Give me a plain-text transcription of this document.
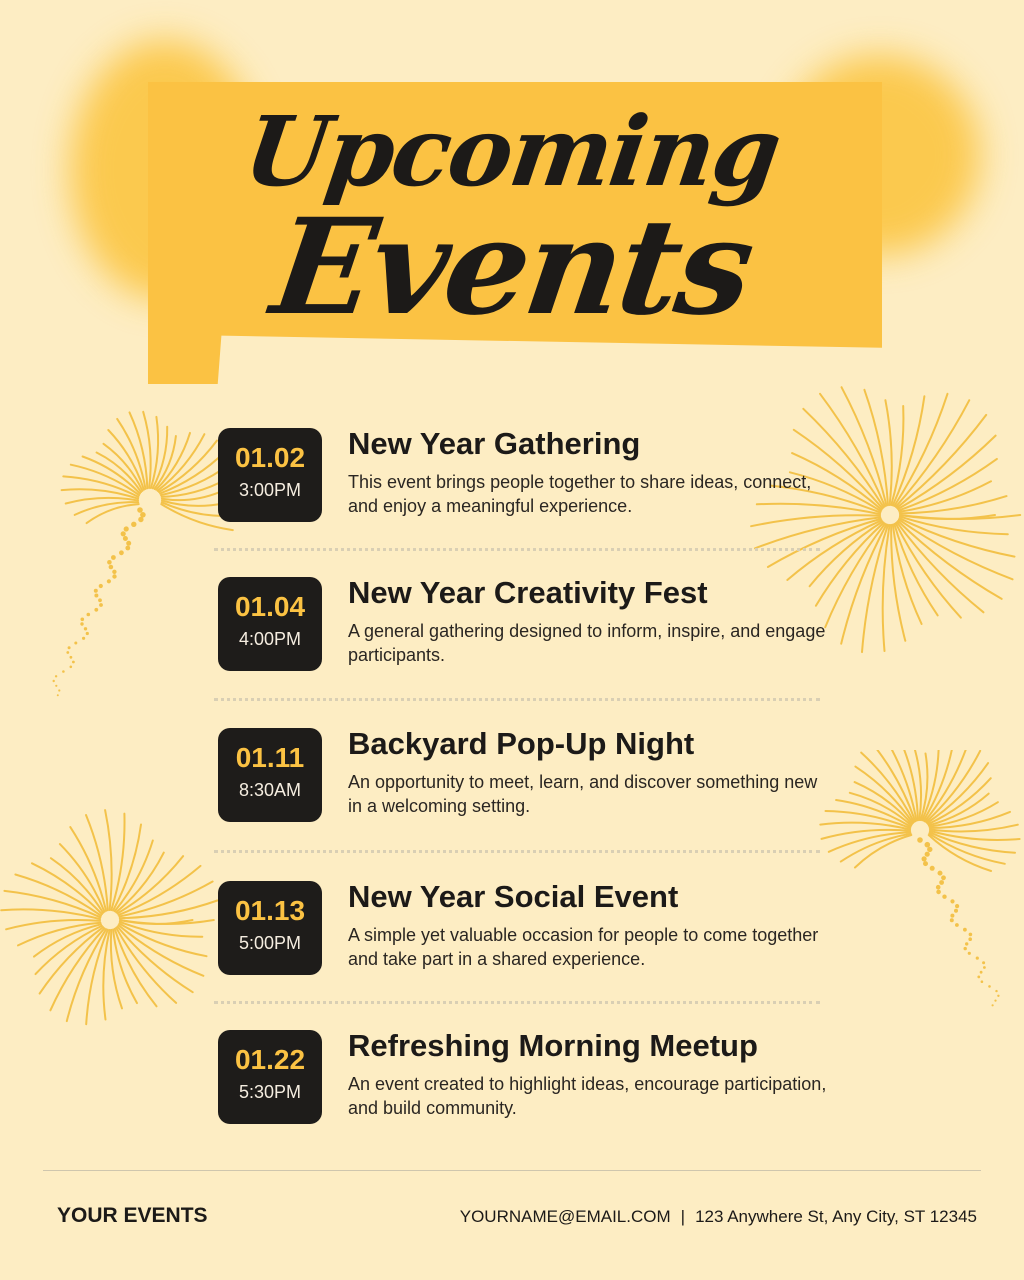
Upcoming
Events
01.02
3:00PM
New Year Gathering
This event brings people together to share ideas, connect, and enjoy a meaningful experience.
01.04
4:00PM
New Year Creativity Fest
A general gathering designed to inform, inspire, and engage participants.
01.11
8:30AM
Backyard Pop-Up Night
An opportunity to meet, learn, and discover something new in a welcoming setting.
01.13
5:00PM
New Year Social Event
A simple yet valuable occasion for people to come together and take part in a shared experience.
01.22
5:30PM
Refreshing Morning Meetup
An event created to highlight ideas, encourage participation, and build community.
YOUR EVENTS	YOURNAME@EMAIL.COM | 123 Anywhere St, Any City, ST 12345
